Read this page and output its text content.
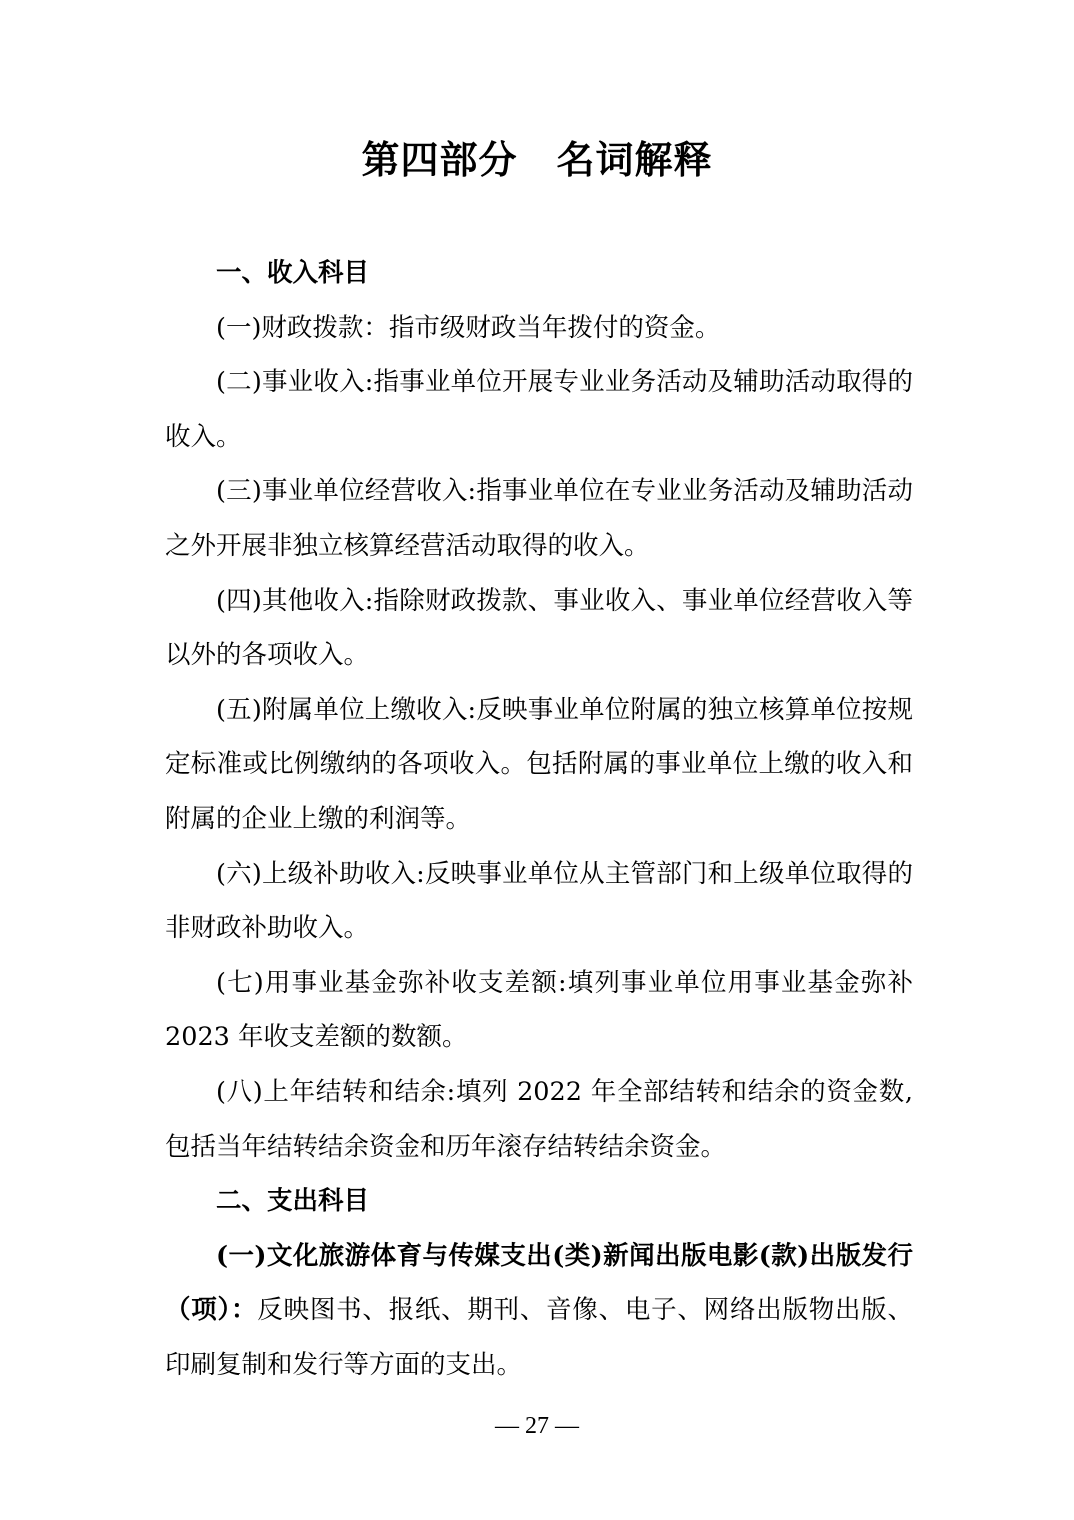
第四部分　名词解释

一、收入科目

(一)财政拨款：指市级财政当年拨付的资金。

(二)事业收入:指事业单位开展专业业务活动及辅助活动取得的收入。

(三)事业单位经营收入:指事业单位在专业业务活动及辅助活动之外开展非独立核算经营活动取得的收入。

(四)其他收入:指除财政拨款、事业收入、事业单位经营收入等以外的各项收入。

(五)附属单位上缴收入:反映事业单位附属的独立核算单位按规定标准或比例缴纳的各项收入。包括附属的事业单位上缴的收入和附属的企业上缴的利润等。

(六)上级补助收入:反映事业单位从主管部门和上级单位取得的非财政补助收入。

(七)用事业基金弥补收支差额:填列事业单位用事业基金弥补 2023 年收支差额的数额。

(八)上年结转和结余:填列 2022 年全部结转和结余的资金数,包括当年结转结余资金和历年滚存结转结余资金。

二、支出科目

(一)文化旅游体育与传媒支出(类)新闻出版电影(款)出版发行（项）：反映图书、报纸、期刊、音像、电子、网络出版物出版、印刷复制和发行等方面的支出。

— 27 —
